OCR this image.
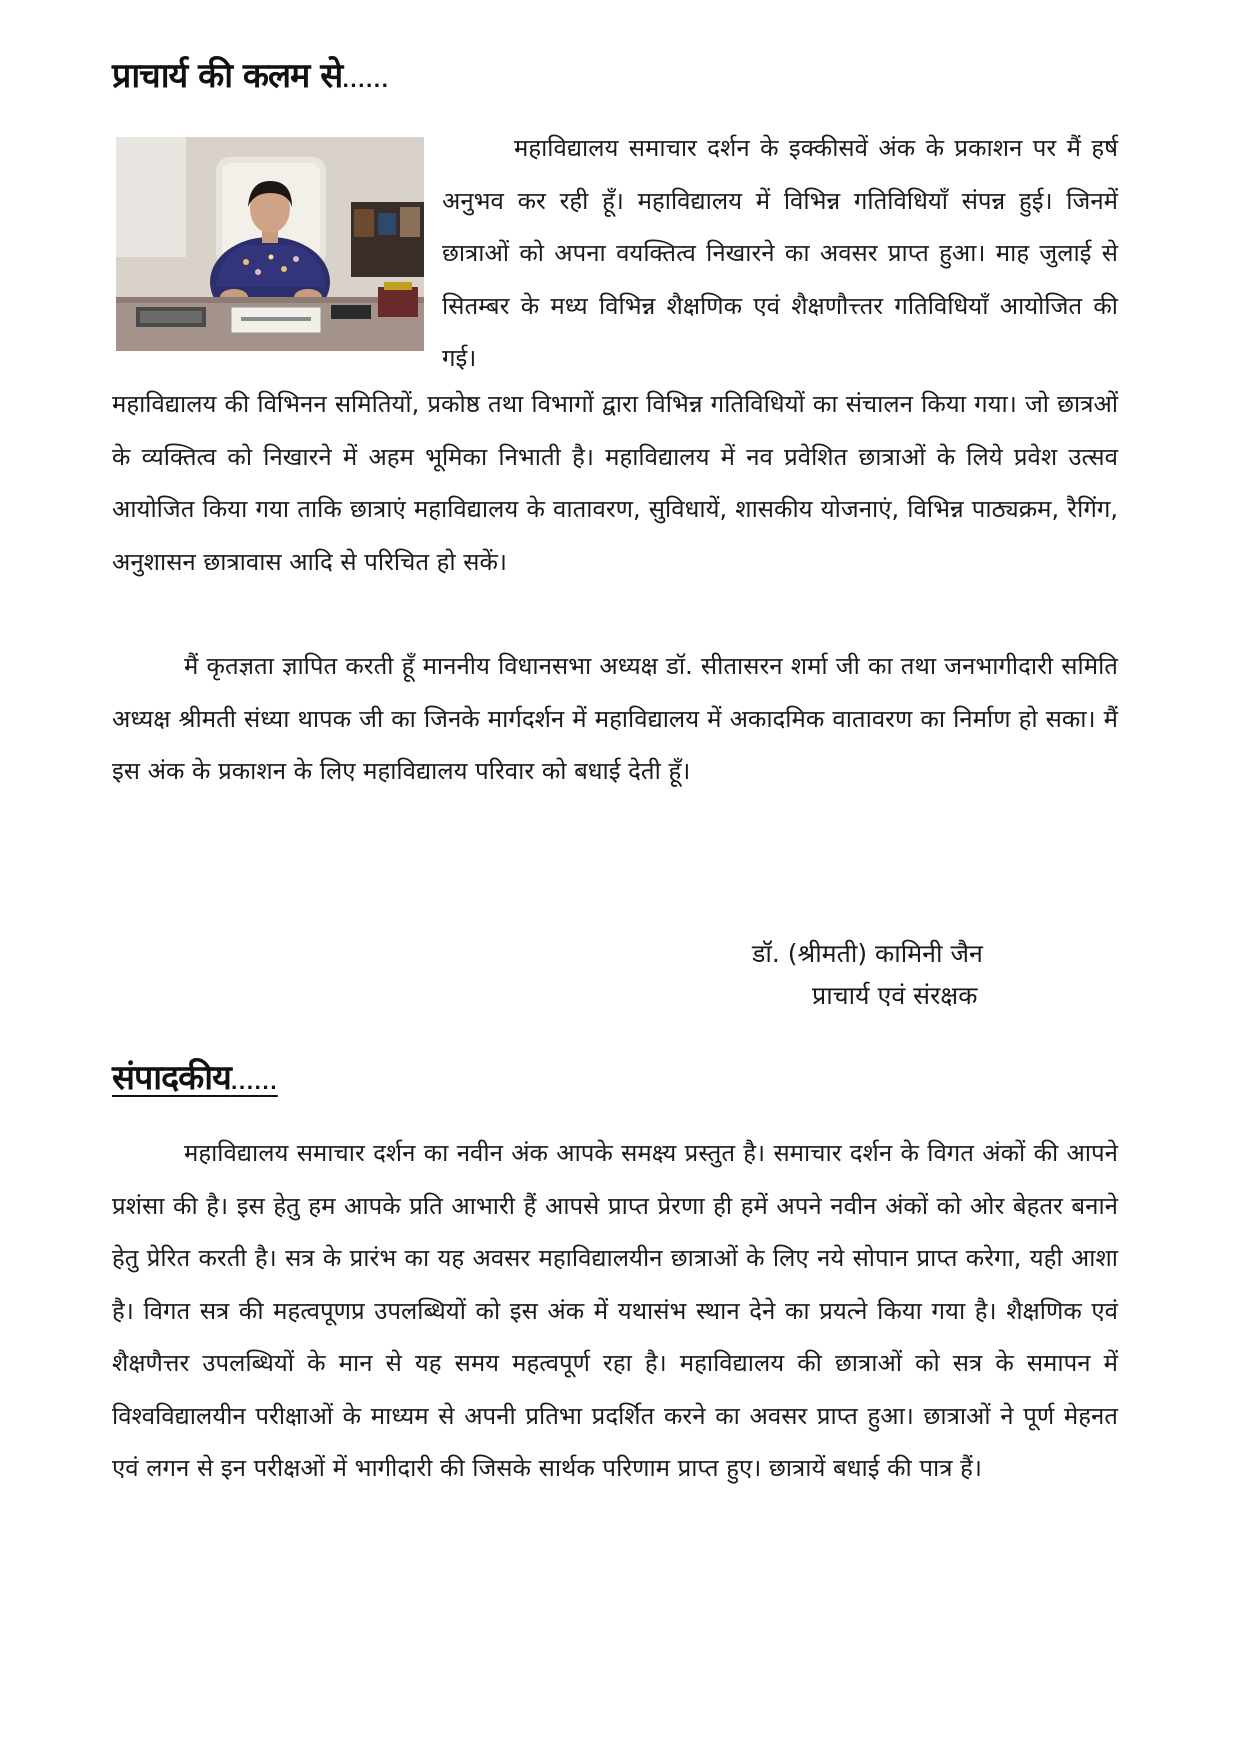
प्राचार्य की कलम से......

महाविद्यालय समाचार दर्शन के इक्कीसवें अंक के प्रकाशन पर मैं हर्ष अनुभव कर रही हूँ। महाविद्यालय में विभिन्न गतिविधियाँ संपन्न हुई। जिनमें छात्राओं को अपना वयक्तित्व निखारने का अवसर प्राप्त हुआ। माह जुलाई से सितम्बर के मध्य विभिन्न शैक्षणिक एवं शैक्षणौत्त्तर गतिविधियाँ आयोजित की गई।

महाविद्यालय की विभिनन समितियों, प्रकोष्ठ तथा विभागों द्वारा विभिन्न गतिविधियों का संचालन किया गया। जो छात्रओं के व्यक्तित्व को निखारने में अहम भूमिका निभाती है। महाविद्यालय में नव प्रवेशित छात्राओं के लिये प्रवेश उत्सव आयोजित किया गया ताकि छात्राएं महाविद्यालय के वातावरण, सुविधायें, शासकीय योजनाएं, विभिन्न पाठ्यक्रम, रैगिंग, अनुशासन छात्रावास आदि से परिचित हो सकें।

मैं कृतज्ञता ज्ञापित करती हूँ माननीय विधानसभा अध्यक्ष डॉ. सीतासरन शर्मा जी का तथा जनभागीदारी समिति अध्यक्ष श्रीमती संध्या थापक जी का जिनके मार्गदर्शन में महाविद्यालय में अकादमिक वातावरण का निर्माण हो सका। मैं इस अंक के प्रकाशन के लिए महाविद्यालय परिवार को बधाई देती हूँ।

डॉ. (श्रीमती) कामिनी जैन
प्राचार्य एवं संरक्षक
संपादकीय......

महाविद्यालय समाचार दर्शन का नवीन अंक आपके समक्ष्य प्रस्तुत है। समाचार दर्शन के विगत अंकों की आपने प्रशंसा की है। इस हेतु हम आपके प्रति आभारी हैं आपसे प्राप्त प्रेरणा ही हमें अपने नवीन अंकों को ओर बेहतर बनाने हेतु प्रेरित करती है। सत्र के प्रारंभ का यह अवसर महाविद्यालयीन छात्राओं के लिए नये सोपान प्राप्त करेगा, यही आशा है। विगत सत्र की महत्वपूणप्र उपलब्धियों को इस अंक में यथासंभ स्थान देने का प्रयत्ने किया गया है। शैक्षणिक एवं शैक्षणैत्तर उपलब्धियों के मान से यह समय महत्वपूर्ण रहा है। महाविद्यालय की छात्राओं को सत्र के समापन में विश्वविद्यालयीन परीक्षाओं के माध्यम से अपनी प्रतिभा प्रदर्शित करने का अवसर प्राप्त हुआ। छात्राओं ने पूर्ण मेहनत एवं लगन से इन परीक्षओं में भागीदारी की जिसके सार्थक परिणाम प्राप्त हुए। छात्रायें बधाई की पात्र हैं।
